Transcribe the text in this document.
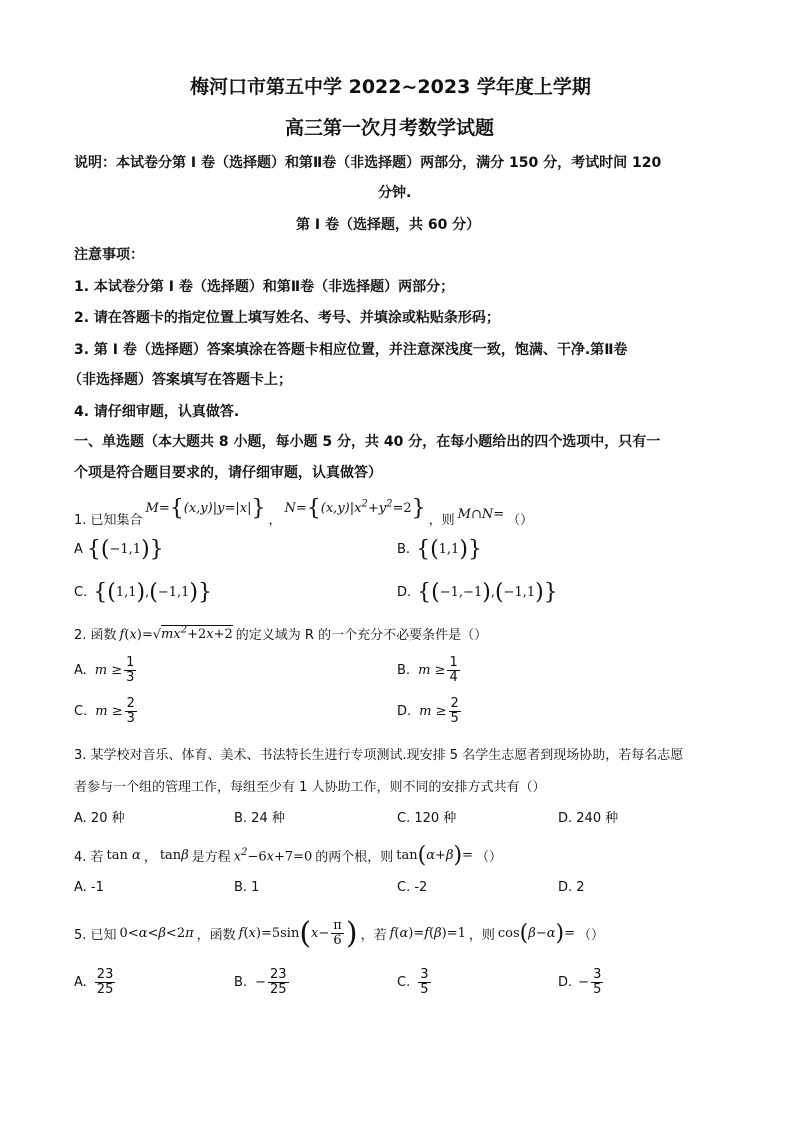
梅河口市第五中学 2022~2023 学年度上学期
高三第一次月考数学试题
说明：本试卷分第 I 卷（选择题）和第Ⅱ卷（非选择题）两部分，满分 150 分，考试时间 120
分钟.
第 I 卷（选择题，共 60 分）
注意事项：
1. 本试卷分第 I 卷（选择题）和第Ⅱ卷（非选择题）两部分；
2. 请在答题卡的指定位置上填写姓名、考号、并填涂或粘贴条形码；
3. 第 I 卷（选择题）答案填涂在答题卡相应位置，并注意深浅度一致，饱满、干净.第Ⅱ卷
（非选择题）答案填写在答题卡上；
4. 请仔细审题，认真做答.
一、单选题（本大题共 8 小题，每小题 5 分，共 40 分，在每小题给出的四个选项中，只有一
个项是符合题目要求的，请仔细审题，认真做答）
1. 已知集合
M={(x,y)|y=|x|} ，
$N=\{(x,y)|x^2+y^2=2\}$ ，则 M∩N= （）
A {(−1,1)}	B. {(1,1)}
C. {(1,1),(−1,1)}	D. {(−1,−1),(−1,1)}
2. 函数 $f(x)=√mx^2+2x+2$ 的定义域为 R 的一个充分不必要条件是（）
A. $m \ge \frac{1}{3}$	B. $m \ge \frac{1}{4}$
C. $m \ge \frac{2}{3}$	D. $m \ge \frac{2}{5}$
3. 某学校对音乐、体育、美术、书法特长生进行专项测试.现安排 5 名学生志愿者到现场协助，若每名志愿
者参与一个组的管理工作，每组至少有 1 人协助工作，则不同的安排方式共有（）
A. 20 种	B. 24 种	C. 120 种	D. 240 种
4. 若 tan α ， tanβ 是方程 $x^2-6x+7=0$ 的两个根，则 tan(α+β)= （）
A. -1	B. 1	C. -2	D. 2
5. 已知 0<α<β<2π ，函数 f ( x )=5sin ( $x - \frac{\pi}{6}$ ) ，若 f(α)=f(β)=1 ，则 cos(β−α)= （）
A. $\frac{23}{25}$	B. − $\frac{23}{25}$	C. $\frac{3}{5}$	D. − $\frac{3}{5}$
